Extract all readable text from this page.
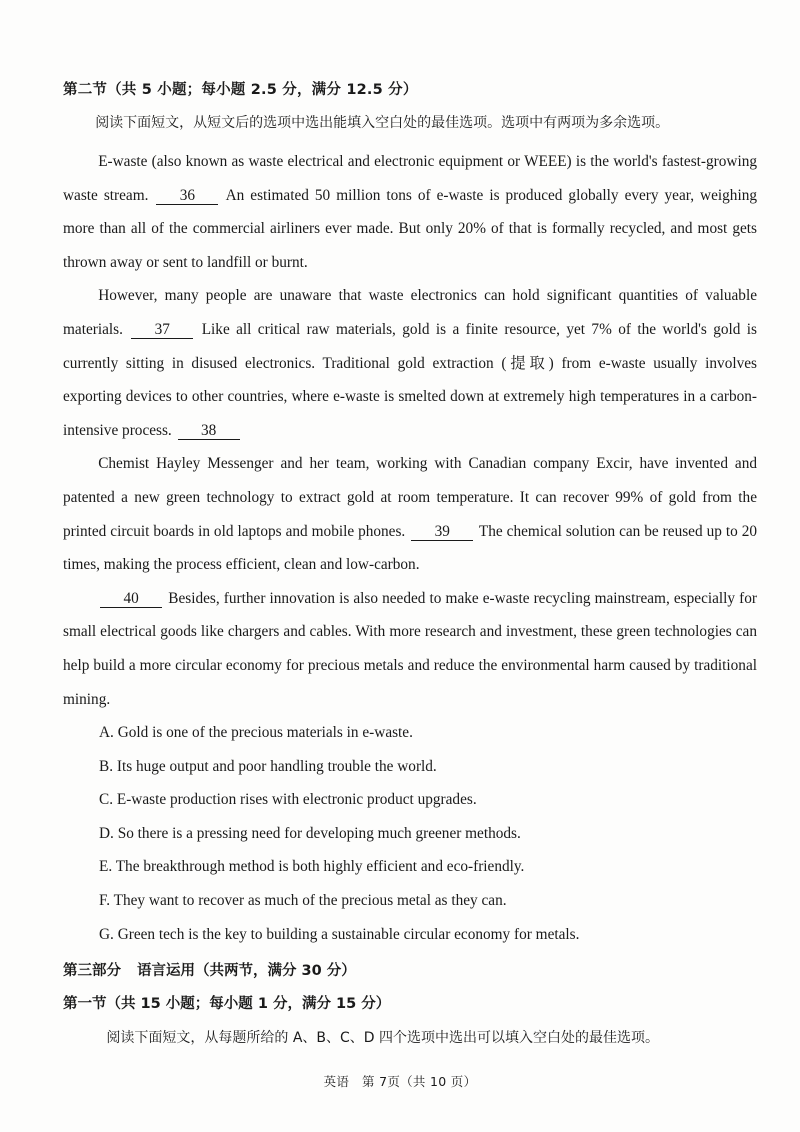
第二节（共 5 小题；每小题 2.5 分，满分 12.5 分）
阅读下面短文，从短文后的选项中选出能填入空白处的最佳选项。选项中有两项为多余选项。

E-waste (also known as waste electrical and electronic equipment or WEEE) is the world's fastest-growing waste stream. 36 An estimated 50 million tons of e-waste is produced globally every year, weighing more than all of the commercial airliners ever made. But only 20% of that is formally recycled, and most gets thrown away or sent to landfill or burnt.

However, many people are unaware that waste electronics can hold significant quantities of valuable materials. 37 Like all critical raw materials, gold is a finite resource, yet 7% of the world's gold is currently sitting in disused electronics. Traditional gold extraction (提取) from e-waste usually involves exporting devices to other countries, where e-waste is smelted down at extremely high temperatures in a carbon-intensive process. 38

Chemist Hayley Messenger and her team, working with Canadian company Excir, have invented and patented a new green technology to extract gold at room temperature. It can recover 99% of gold from the printed circuit boards in old laptops and mobile phones. 39 The chemical solution can be reused up to 20 times, making the process efficient, clean and low-carbon.

40 Besides, further innovation is also needed to make e-waste recycling mainstream, especially for small electrical goods like chargers and cables. With more research and investment, these green technologies can help build a more circular economy for precious metals and reduce the environmental harm caused by traditional mining.

A. Gold is one of the precious materials in e-waste.
B. Its huge output and poor handling trouble the world.
C. E-waste production rises with electronic product upgrades.
D. So there is a pressing need for developing much greener methods.
E. The breakthrough method is both highly efficient and eco-friendly.
F. They want to recover as much of the precious metal as they can.
G. Green tech is the key to building a sustainable circular economy for metals.
第三部分 语言运用（共两节，满分 30 分）
第一节（共 15 小题；每小题 1 分，满分 15 分）
阅读下面短文，从每题所给的 A、B、C、D 四个选项中选出可以填入空白处的最佳选项。
英语　第 7页（共 10 页）
